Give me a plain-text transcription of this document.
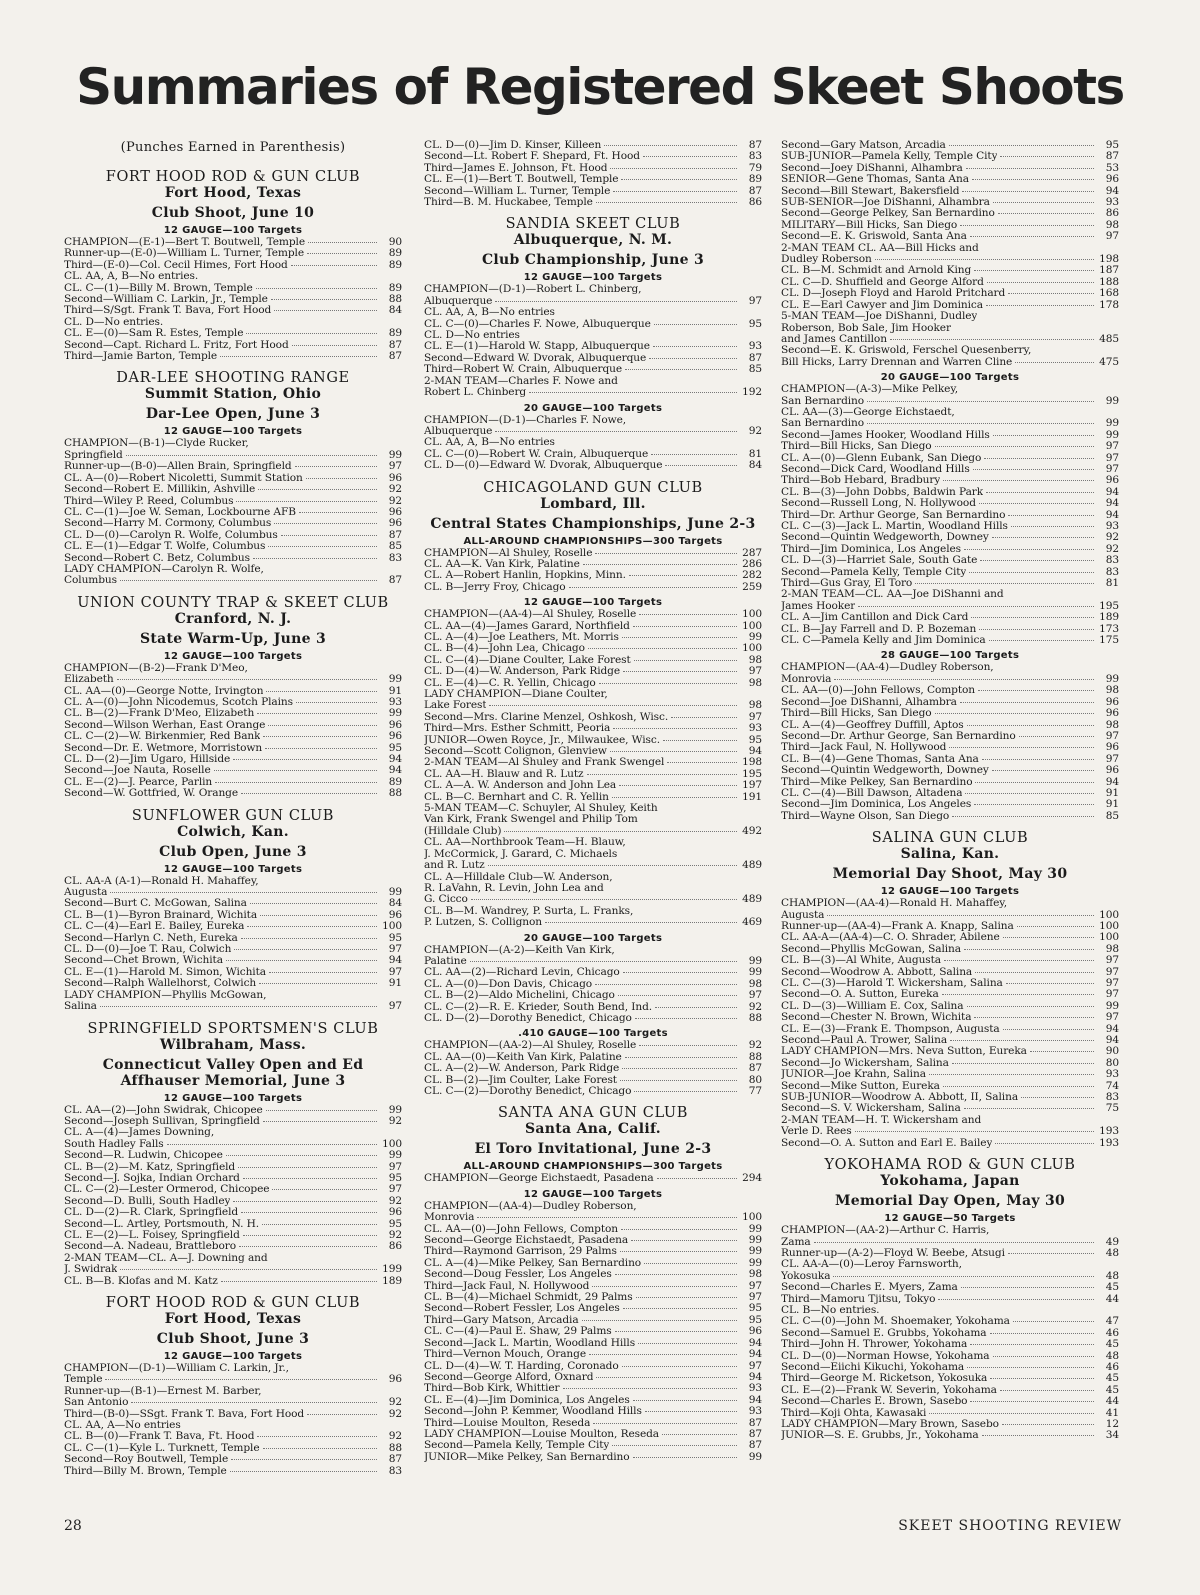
Summaries of Registered Skeet Shoots
(Punches Earned in Parenthesis)
FORT HOOD ROD & GUN CLUB
Fort Hood, Texas
Club Shoot, June 10
12 GAUGE—100 Targets
CHAMPION—(E-1)—Bert T. Boutwell, Temple	90
Runner-up—(E-0)—William L. Turner, Temple	89
Third—(E-0)—Col. Cecil Himes, Fort Hood	89
CL. AA, A, B—No entries.
CL. C—(1)—Billy M. Brown, Temple	89
Second—William C. Larkin, Jr., Temple	88
Third—S/Sgt. Frank T. Bava, Fort Hood	84
CL. D—No entries.
CL. E—(0)—Sam R. Estes, Temple	89
Second—Capt. Richard L. Fritz, Fort Hood	87
Third—Jamie Barton, Temple	87
DAR-LEE SHOOTING RANGE
Summit Station, Ohio
Dar-Lee Open, June 3
12 GAUGE—100 Targets
CHAMPION—(B-1)—Clyde Rucker,
Springfield	99
Runner-up—(B-0)—Allen Brain, Springfield	97
CL. A—(0)—Robert Nicoletti, Summit Station	96
Second—Robert E. Millikin, Ashville	92
Third—Wiley P. Reed, Columbus	92
CL. C—(1)—Joe W. Seman, Lockbourne AFB	96
Second—Harry M. Cormony, Columbus	96
CL. D—(0)—Carolyn R. Wolfe, Columbus	87
CL. E—(1)—Edgar T. Wolfe, Columbus	85
Second—Robert C. Betz, Columbus	83
LADY CHAMPION—Carolyn R. Wolfe,
Columbus	87
UNION COUNTY TRAP & SKEET CLUB
Cranford, N. J.
State Warm-Up, June 3
12 GAUGE—100 Targets
CHAMPION—(B-2)—Frank D'Meo,
Elizabeth	99
CL. AA—(0)—George Notte, Irvington	91
CL. A—(0)—John Nicodemus, Scotch Plains	93
CL. B—(2)—Frank D'Meo, Elizabeth	99
Second—Wilson Werhan, East Orange	96
CL. C—(2)—W. Birkenmier, Red Bank	96
Second—Dr. E. Wetmore, Morristown	95
CL. D—(2)—Jim Ugaro, Hillside	94
Second—Joe Nauta, Roselle	94
CL. E—(2)—J. Pearce, Parlin	89
Second—W. Gottfried, W. Orange	88
SUNFLOWER GUN CLUB
Colwich, Kan.
Club Open, June 3
12 GAUGE—100 Targets
CL. AA-A (A-1)—Ronald H. Mahaffey,
Augusta	99
Second—Burt C. McGowan, Salina	84
CL. B—(1)—Byron Brainard, Wichita	96
CL. C—(4)—Earl E. Bailey, Eureka	100
Second—Harlyn C. Neth, Eureka	95
CL. D—(0)—Joe T. Rau, Colwich	97
Second—Chet Brown, Wichita	94
CL. E—(1)—Harold M. Simon, Wichita	97
Second—Ralph Wallelhorst, Colwich	91
LADY CHAMPION—Phyllis McGowan,
Salina	97
SPRINGFIELD SPORTSMEN'S CLUB
Wilbraham, Mass.
Connecticut Valley Open and Ed Affhauser Memorial, June 3
12 GAUGE—100 Targets
CL. AA—(2)—John Swidrak, Chicopee	99
Second—Joseph Sullivan, Springfield	92
CL. A—(4)—James Downing,
South Hadley Falls	100
Second—R. Ludwin, Chicopee	99
CL. B—(2)—M. Katz, Springfield	97
Second—J. Sojka, Indian Orchard	95
CL. C—(2)—Lester Ormerod, Chicopee	97
Second—D. Bulli, South Hadley	92
CL. D—(2)—R. Clark, Springfield	96
Second—L. Artley, Portsmouth, N. H.	95
CL. E—(2)—L. Foisey, Springfield	92
Second—A. Nadeau, Brattleboro	86
2-MAN TEAM—CL. A—J. Downing and
J. Swidrak	199
CL. B—B. Klofas and M. Katz	189
FORT HOOD ROD & GUN CLUB
Fort Hood, Texas
Club Shoot, June 3
12 GAUGE—100 Targets
CHAMPION—(D-1)—William C. Larkin, Jr.,
Temple	96
Runner-up—(B-1)—Ernest M. Barber,
San Antonio	92
Third—(B-0)—SSgt. Frank T. Bava, Fort Hood	92
CL. AA, A—No entries
CL. B—(0)—Frank T. Bava, Ft. Hood	92
CL. C—(1)—Kyle L. Turknett, Temple	88
Second—Roy Boutwell, Temple	87
Third—Billy M. Brown, Temple	83
CL. D—(0)—Jim D. Kinser, Killeen	87
Second—Lt. Robert F. Shepard, Ft. Hood	83
Third—James E. Johnson, Ft. Hood	79
CL. E—(1)—Bert T. Boutwell, Temple	89
Second—William L. Turner, Temple	87
Third—B. M. Huckabee, Temple	86
SANDIA SKEET CLUB
Albuquerque, N. M.
Club Championship, June 3
12 GAUGE—100 Targets
CHAMPION—(D-1)—Robert L. Chinberg,
Albuquerque	97
CL. AA, A, B—No entries
CL. C—(0)—Charles F. Nowe, Albuquerque	95
CL. D—No entries
CL. E—(1)—Harold W. Stapp, Albuquerque	93
Second—Edward W. Dvorak, Albuquerque	87
Third—Robert W. Crain, Albuquerque	85
2-MAN TEAM—Charles F. Nowe and
Robert L. Chinberg	192
20 GAUGE—100 Targets
CHAMPION—(D-1)—Charles F. Nowe,
Albuquerque	92
CL. AA, A, B—No entries
CL. C—(0)—Robert W. Crain, Albuquerque	81
CL. D—(0)—Edward W. Dvorak, Albuquerque	84
CHICAGOLAND GUN CLUB
Lombard, Ill.
Central States Championships, June 2-3
ALL-AROUND CHAMPIONSHIPS—300 Targets
CHAMPION—Al Shuley, Roselle	287
CL. AA—K. Van Kirk, Palatine	286
CL. A—Robert Hanlin, Hopkins, Minn.	282
CL. B—Jerry Froy, Chicago	259
12 GAUGE—100 Targets
CHAMPION—(AA-4)—Al Shuley, Roselle	100
CL. AA—(4)—James Garard, Northfield	100
CL. A—(4)—Joe Leathers, Mt. Morris	99
CL. B—(4)—John Lea, Chicago	100
CL. C—(4)—Diane Coulter, Lake Forest	98
CL. D—(4)—W. Anderson, Park Ridge	97
CL. E—(4)—C. R. Yellin, Chicago	98
LADY CHAMPION—Diane Coulter,
Lake Forest	98
Second—Mrs. Clarine Menzel, Oshkosh, Wisc.	97
Third—Mrs. Esther Schmitt, Peoria	93
JUNIOR—Owen Royce, Jr., Milwaukee, Wisc.	95
Second—Scott Colignon, Glenview	94
2-MAN TEAM—Al Shuley and Frank Swengel	198
CL. AA—H. Blauw and R. Lutz	195
CL. A—A. W. Anderson and John Lea	197
CL. B—C. Bernhart and C. R. Yellin	191
5-MAN TEAM—C. Schuyler, Al Shuley, Keith
Van Kirk, Frank Swengel and Philip Tom
(Hilldale Club)	492
CL. AA—Northbrook Team—H. Blauw,
J. McCormick, J. Garard, C. Michaels
and R. Lutz	489
CL. A—Hilldale Club—W. Anderson,
R. LaVahn, R. Levin, John Lea and
G. Cicco	489
CL. B—M. Wandrey, P. Surta, L. Franks,
P. Lutzen, S. Collignon	469
20 GAUGE—100 Targets
CHAMPION—(A-2)—Keith Van Kirk,
Palatine	99
CL. AA—(2)—Richard Levin, Chicago	99
CL. A—(0)—Don Davis, Chicago	98
CL. B—(2)—Aldo Michelini, Chicago	97
CL. C—(2)—R. E. Krieder, South Bend, Ind.	92
CL. D—(2)—Dorothy Benedict, Chicago	88
.410 GAUGE—100 Targets
CHAMPION—(AA-2)—Al Shuley, Roselle	92
CL. AA—(0)—Keith Van Kirk, Palatine	88
CL. A—(2)—W. Anderson, Park Ridge	87
CL. B—(2)—Jim Coulter, Lake Forest	80
CL. C—(2)—Dorothy Benedict, Chicago	77
SANTA ANA GUN CLUB
Santa Ana, Calif.
El Toro Invitational, June 2-3
ALL-AROUND CHAMPIONSHIPS—300 Targets
CHAMPION—George Eichstaedt, Pasadena	294
12 GAUGE—100 Targets
CHAMPION—(AA-4)—Dudley Roberson,
Monrovia	100
CL. AA—(0)—John Fellows, Compton	99
Second—George Eichstaedt, Pasadena	99
Third—Raymond Garrison, 29 Palms	99
CL. A—(4)—Mike Pelkey, San Bernardino	99
Second—Doug Fessler, Los Angeles	98
Third—Jack Faul, N. Hollywood	97
CL. B—(4)—Michael Schmidt, 29 Palms	97
Second—Robert Fessler, Los Angeles	95
Third—Gary Matson, Arcadia	95
CL. C—(4)—Paul E. Shaw, 29 Palms	96
Second—Jack L. Martin, Woodland Hills	94
Third—Vernon Mouch, Orange	94
CL. D—(4)—W. T. Harding, Coronado	97
Second—George Alford, Oxnard	94
Third—Bob Kirk, Whittier	93
CL. E—(4)—Jim Dominica, Los Angeles	94
Second—John P. Kemmer, Woodland Hills	93
Third—Louise Moulton, Reseda	87
LADY CHAMPION—Louise Moulton, Reseda	87
Second—Pamela Kelly, Temple City	87
JUNIOR—Mike Pelkey, San Bernardino	99
Second—Gary Matson, Arcadia	95
SUB-JUNIOR—Pamela Kelly, Temple City	87
Second—Joey DiShanni, Alhambra	53
SENIOR—Gene Thomas, Santa Ana	96
Second—Bill Stewart, Bakersfield	94
SUB-SENIOR—Joe DiShanni, Alhambra	93
Second—George Pelkey, San Bernardino	86
MILITARY—Bill Hicks, San Diego	98
Second—E. K. Griswold, Santa Ana	97
2-MAN TEAM CL. AA—Bill Hicks and
Dudley Roberson	198
CL. B—M. Schmidt and Arnold King	187
CL. C—D. Shuffield and George Alford	188
CL. D—Joseph Floyd and Harold Pritchard	168
CL. E—Earl Cawyer and Jim Dominica	178
5-MAN TEAM—Joe DiShanni, Dudley
Roberson, Bob Sale, Jim Hooker
and James Cantillon	485
Second—E. K. Griswold, Ferschel Quesenberry,
Bill Hicks, Larry Drennan and Warren Cline	475
20 GAUGE—100 Targets
CHAMPION—(A-3)—Mike Pelkey,
San Bernardino	99
CL. AA—(3)—George Eichstaedt,
San Bernardino	99
Second—James Hooker, Woodland Hills	99
Third—Bill Hicks, San Diego	97
CL. A—(0)—Glenn Eubank, San Diego	97
Second—Dick Card, Woodland Hills	97
Third—Bob Hebard, Bradbury	96
CL. B—(3)—John Dobbs, Baldwin Park	94
Second—Russell Long, N. Hollywood	94
Third—Dr. Arthur George, San Bernardino	94
CL. C—(3)—Jack L. Martin, Woodland Hills	93
Second—Quintin Wedgeworth, Downey	92
Third—Jim Dominica, Los Angeles	92
CL. D—(3)—Harriet Sale, South Gate	83
Second—Pamela Kelly, Temple City	83
Third—Gus Gray, El Toro	81
2-MAN TEAM—CL. AA—Joe DiShanni and
James Hooker	195
CL. A—Jim Cantillon and Dick Card	189
CL. B—Jay Farrell and D. P. Bozeman	173
CL. C—Pamela Kelly and Jim Dominica	175
28 GAUGE—100 Targets
CHAMPION—(AA-4)—Dudley Roberson,
Monrovia	99
CL. AA—(0)—John Fellows, Compton	98
Second—Joe DiShanni, Alhambra	96
Third—Bill Hicks, San Diego	96
CL. A—(4)—Geoffrey Duffill, Aptos	98
Second—Dr. Arthur George, San Bernardino	97
Third—Jack Faul, N. Hollywood	96
CL. B—(4)—Gene Thomas, Santa Ana	97
Second—Quintin Wedgeworth, Downey	96
Third—Mike Pelkey, San Bernardino	94
CL. C—(4)—Bill Dawson, Altadena	91
Second—Jim Dominica, Los Angeles	91
Third—Wayne Olson, San Diego	85
SALINA GUN CLUB
Salina, Kan.
Memorial Day Shoot, May 30
12 GAUGE—100 Targets
CHAMPION—(AA-4)—Ronald H. Mahaffey,
Augusta	100
Runner-up—(AA-4)—Frank A. Knapp, Salina	100
CL. AA-A—(AA-4)—C. O. Shrader, Abilene	100
Second—Phyllis McGowan, Salina	98
CL. B—(3)—Al White, Augusta	97
Second—Woodrow A. Abbott, Salina	97
CL. C—(3)—Harold T. Wickersham, Salina	97
Second—O. A. Sutton, Eureka	97
CL. D—(3)—William E. Cox, Salina	99
Second—Chester N. Brown, Wichita	97
CL. E—(3)—Frank E. Thompson, Augusta	94
Second—Paul A. Trower, Salina	94
LADY CHAMPION—Mrs. Neva Sutton, Eureka	90
Second—Jo Wickersham, Salina	80
JUNIOR—Joe Krahn, Salina	93
Second—Mike Sutton, Eureka	74
SUB-JUNIOR—Woodrow A. Abbott, II, Salina	83
Second—S. V. Wickersham, Salina	75
2-MAN TEAM—H. T. Wickersham and
Verle D. Rees	193
Second—O. A. Sutton and Earl E. Bailey	193
YOKOHAMA ROD & GUN CLUB
Yokohama, Japan
Memorial Day Open, May 30
12 GAUGE—50 Targets
CHAMPION—(AA-2)—Arthur C. Harris,
Zama	49
Runner-up—(A-2)—Floyd W. Beebe, Atsugi	48
CL. AA-A—(0)—Leroy Farnsworth,
Yokosuka	48
Second—Charles E. Myers, Zama	45
Third—Mamoru Tjitsu, Tokyo	44
CL. B—No entries.
CL. C—(0)—John M. Shoemaker, Yokohama	47
Second—Samuel E. Grubbs, Yokohama	46
Third—John H. Thrower, Yokohama	45
CL. D—(0)—Norman Howse, Yokohama	48
Second—Eiichi Kikuchi, Yokohama	46
Third—George M. Ricketson, Yokosuka	45
CL. E—(2)—Frank W. Severin, Yokohama	45
Second—Charles E. Brown, Sasebo	44
Third—Koji Ohta, Kawasaki	41
LADY CHAMPION—Mary Brown, Sasebo	12
JUNIOR—S. E. Grubbs, Jr., Yokohama	34
28	SKEET SHOOTING REVIEW
